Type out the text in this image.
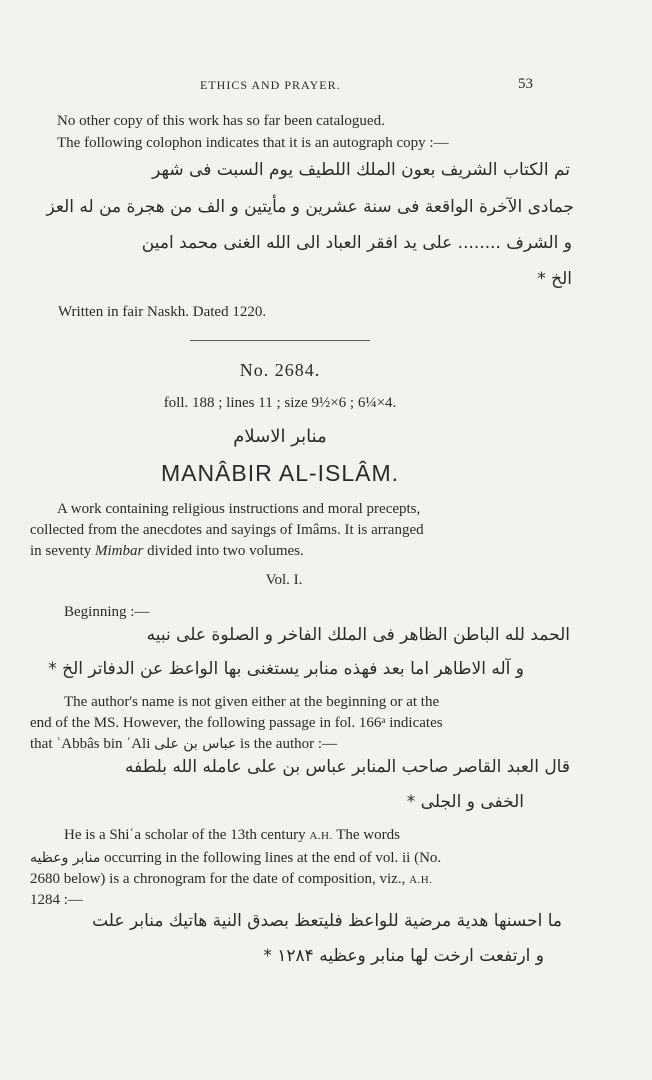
ETHICS AND PRAYER.	53
No other copy of this work has so far been catalogued.
The following colophon indicates that it is an autograph copy :—
تم الكتاب الشريف بعون الملك اللطيف يوم السبت فی شهر
جمادی الآخرة الواقعة فی سنة عشرین و مأیتین و الف من هجرة من له العز
و الشرف ........ علی ید افقر العباد الی الله الغنی محمد امین
الخ *
Written in fair Naskh. Dated 1220.
No. 2684.
foll. 188 ; lines 11 ; size 9½×6 ; 6¼×4.
منابر الاسلام
MANÂBIR AL-ISLÂM.
A work containing religious instructions and moral precepts,
collected from the anecdotes and sayings of Imâms. It is arranged
in seventy Mimbar divided into two volumes.
Vol. I.
Beginning :—
الحمد لله الباطن الظاهر فی الملك الفاخر و الصلوة علی نبیه
و آله الاطاهر اما بعد فهذه منابر یستغنی بها الواعظ عن الدفاتر الخ *
The author's name is not given either at the beginning or at the
end of the MS. However, the following passage in fol. 166ᵃ indicates
that ʿAbbâs bin ʿAli عباس بن علی is the author :—
قال العبد القاصر صاحب المنابر عباس بن علی عامله الله بلطفه
الخفی و الجلی *
He is a Shiʿa scholar of the 13th century A.H. The words
منابر وعظیه occurring in the following lines at the end of vol. ii (No.
2680 below) is a chronogram for the date of composition, viz., A.H.
1284 :—
ما احسنها هدیة مرضیة للواعظ فلیتعظ بصدق النیة هاتیك منابر علت
و ارتفعت ارخت لها منابر وعظیه ۱۲۸۴ *
